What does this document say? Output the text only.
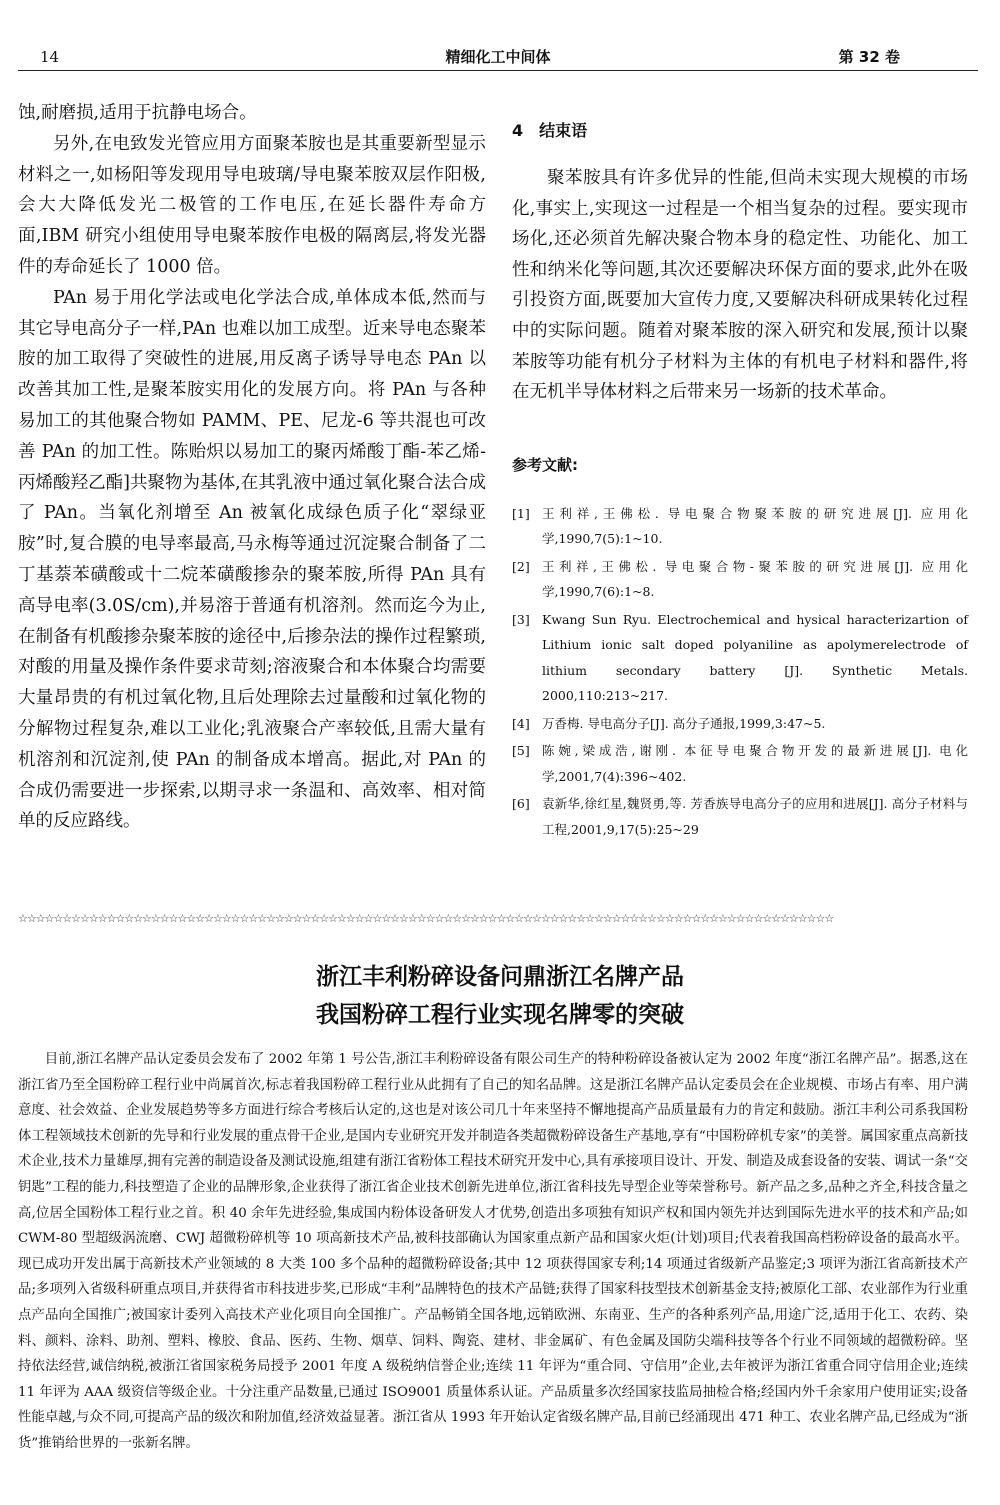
14	精细化工中间体	第 32 卷

蚀,耐磨损,适用于抗静电场合。

另外,在电致发光管应用方面聚苯胺也是其重要新型显示材料之一,如杨阳等发现用导电玻璃/导电聚苯胺双层作阳极,会大大降低发光二极管的工作电压,在延长器件寿命方面,IBM 研究小组使用导电聚苯胺作电极的隔离层,将发光器件的寿命延长了 1000 倍。

PAn 易于用化学法或电化学法合成,单体成本低,然而与其它导电高分子一样,PAn 也难以加工成型。近来导电态聚苯胺的加工取得了突破性的进展,用反离子诱导导电态 PAn 以改善其加工性,是聚苯胺实用化的发展方向。将 PAn 与各种易加工的其他聚合物如 PAMM、PE、尼龙-6 等共混也可改善 PAn 的加工性。陈贻炽以易加工的聚丙烯酸丁酯-苯乙烯-丙烯酸羟乙酯]共聚物为基体,在其乳液中通过氧化聚合法合成了 PAn。当氧化剂增至 An 被氧化成绿色质子化“翠绿亚胺”时,复合膜的电导率最高,马永梅等通过沉淀聚合制备了二丁基萘苯磺酸或十二烷苯磺酸掺杂的聚苯胺,所得 PAn 具有高导电率(3.0S/cm),并易溶于普通有机溶剂。然而迄今为止,在制备有机酸掺杂聚苯胺的途径中,后掺杂法的操作过程繁琐,对酸的用量及操作条件要求苛刻;溶液聚合和本体聚合均需要大量昂贵的有机过氧化物,且后处理除去过量酸和过氧化物的分解物过程复杂,难以工业化;乳液聚合产率较低,且需大量有机溶剂和沉淀剂,使 PAn 的制备成本增高。据此,对 PAn 的合成仍需要进一步探索,以期寻求一条温和、高效率、相对简单的反应路线。

4 结束语

聚苯胺具有许多优异的性能,但尚未实现大规模的市场化,事实上,实现这一过程是一个相当复杂的过程。要实现市场化,还必须首先解决聚合物本身的稳定性、功能化、加工性和纳米化等问题,其次还要解决环保方面的要求,此外在吸引投资方面,既要加大宣传力度,又要解决科研成果转化过程中的实际问题。随着对聚苯胺的深入研究和发展,预计以聚苯胺等功能有机分子材料为主体的有机电子材料和器件,将在无机半导体材料之后带来另一场新的技术革命。

参考文献:
[1] 王利祥,王佛松. 导电聚合物聚苯胺的研究进展[J]. 应用化学,1990,7(5):1~10.
[2] 王利祥,王佛松. 导电聚合物-聚苯胺的研究进展[J]. 应用化学,1990,7(6):1~8.
[3] Kwang Sun Ryu. Electrochemical and hysical haracterizartion of Lithium ionic salt doped polyaniline as apolymerelectrode of lithium secondary battery [J]. Synthetic Metals. 2000,110:213~217.
[4] 万香梅. 导电高分子[J]. 高分子通报,1999,3:47~5.
[5] 陈婉,梁成浩,谢刚. 本征导电聚合物开发的最新进展[J]. 电化学,2001,7(4):396~402.
[6] 袁新华,徐红星,魏贤勇,等. 芳香族导电高分子的应用和进展[J]. 高分子材料与工程,2001,9,17(5):25~29
☆☆☆☆☆☆☆☆☆☆☆☆☆☆☆☆☆☆☆☆☆☆☆☆☆☆☆☆☆☆☆☆☆☆☆☆☆☆☆☆☆☆☆☆☆☆☆☆☆☆☆☆☆☆☆☆☆☆☆☆☆☆☆☆☆☆☆☆☆☆☆☆☆☆☆☆☆☆☆☆☆☆☆☆☆☆☆☆☆☆☆☆
浙江丰利粉碎设备问鼎浙江名牌产品
我国粉碎工程行业实现名牌零的突破

目前,浙江名牌产品认定委员会发布了 2002 年第 1 号公告,浙江丰利粉碎设备有限公司生产的特种粉碎设备被认定为 2002 年度“浙江名牌产品”。据悉,这在浙江省乃至全国粉碎工程行业中尚属首次,标志着我国粉碎工程行业从此拥有了自己的知名品牌。这是浙江名牌产品认定委员会在企业规模、市场占有率、用户满意度、社会效益、企业发展趋势等多方面进行综合考核后认定的,这也是对该公司几十年来坚持不懈地提高产品质量最有力的肯定和鼓励。浙江丰利公司系我国粉体工程领域技术创新的先导和行业发展的重点骨干企业,是国内专业研究开发并制造各类超微粉碎设备生产基地,享有“中国粉碎机专家”的美誉。属国家重点高新技术企业,技术力量雄厚,拥有完善的制造设备及测试设施,组建有浙江省粉体工程技术研究开发中心,具有承接项目设计、开发、制造及成套设备的安装、调试一条“交钥匙”工程的能力,科技塑造了企业的品牌形象,企业获得了浙江省企业技术创新先进单位,浙江省科技先导型企业等荣誉称号。新产品之多,品种之齐全,科技含量之高,位居全国粉体工程行业之首。积 40 余年先进经验,集成国内粉体设备研发人才优势,创造出多项独有知识产权和国内领先并达到国际先进水平的技术和产品;如 CWM-80 型超级涡流磨、CWJ 超微粉碎机等 10 项高新技术产品,被科技部确认为国家重点新产品和国家火炬(计划)项目;代表着我国高档粉碎设备的最高水平。现已成功开发出属于高新技术产业领域的 8 大类 100 多个品种的超微粉碎设备;其中 12 项获得国家专利;14 项通过省级新产品鉴定;3 项评为浙江省高新技术产品;多项列入省级科研重点项目,并获得省市科技进步奖,已形成“丰利”品牌特色的技术产品链;获得了国家科技型技术创新基金支持;被原化工部、农业部作为行业重点产品向全国推广;被国家计委列入高技术产业化项目向全国推广。产品畅销全国各地,远销欧洲、东南亚、生产的各种系列产品,用途广泛,适用于化工、农药、染料、颜料、涂料、助剂、塑料、橡胶、食品、医药、生物、烟草、饲料、陶瓷、建材、非金属矿、有色金属及国防尖端科技等各个行业不同领域的超微粉碎。坚持依法经营,诚信纳税,被浙江省国家税务局授予 2001 年度 A 级税纳信誉企业;连续 11 年评为“重合同、守信用”企业,去年被评为浙江省重合同守信用企业;连续 11 年评为 AAA 级资信等级企业。十分注重产品数量,已通过 ISO9001 质量体系认证。产品质量多次经国家技监局抽检合格;经国内外千余家用户使用证实;设备性能卓越,与众不同,可提高产品的级次和附加值,经济效益显著。浙江省从 1993 年开始认定省级名牌产品,目前已经涌现出 471 种工、农业名牌产品,已经成为“浙货”推销给世界的一张新名牌。
